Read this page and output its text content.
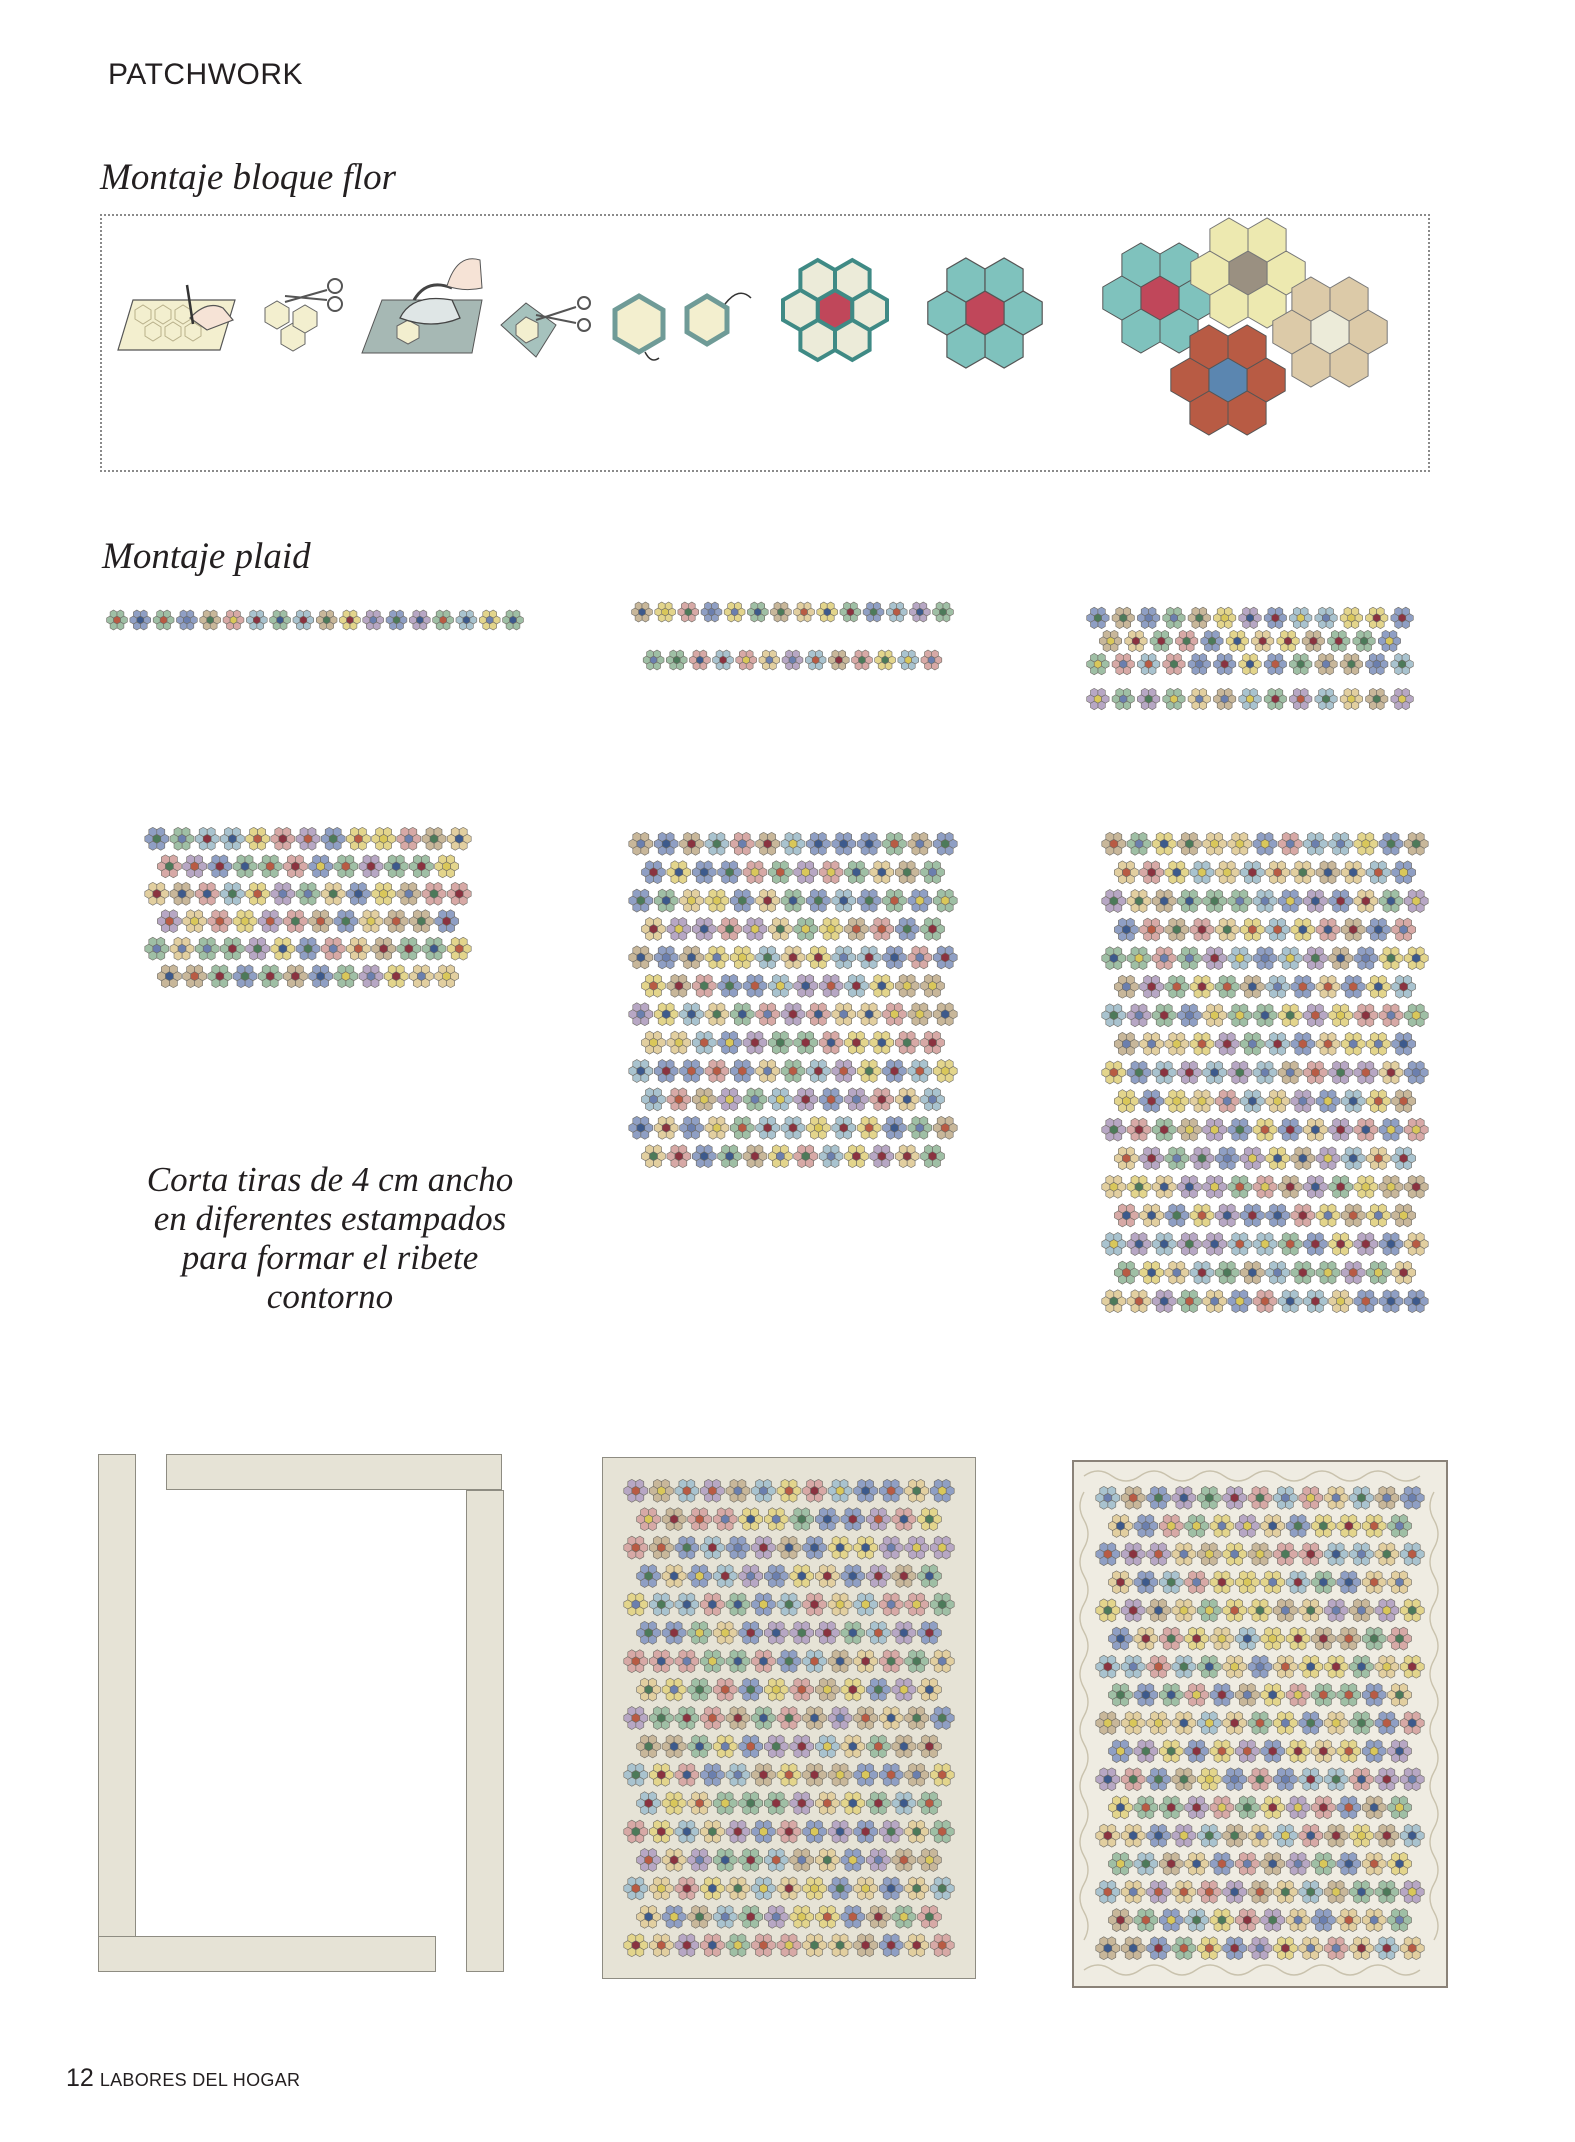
PATCHWORK
Montaje bloque flor
Montaje plaid
Corta tiras de 4 cm ancho
en diferentes estampados
para formar el ribete
contorno
12 LABORES DEL HOGAR
